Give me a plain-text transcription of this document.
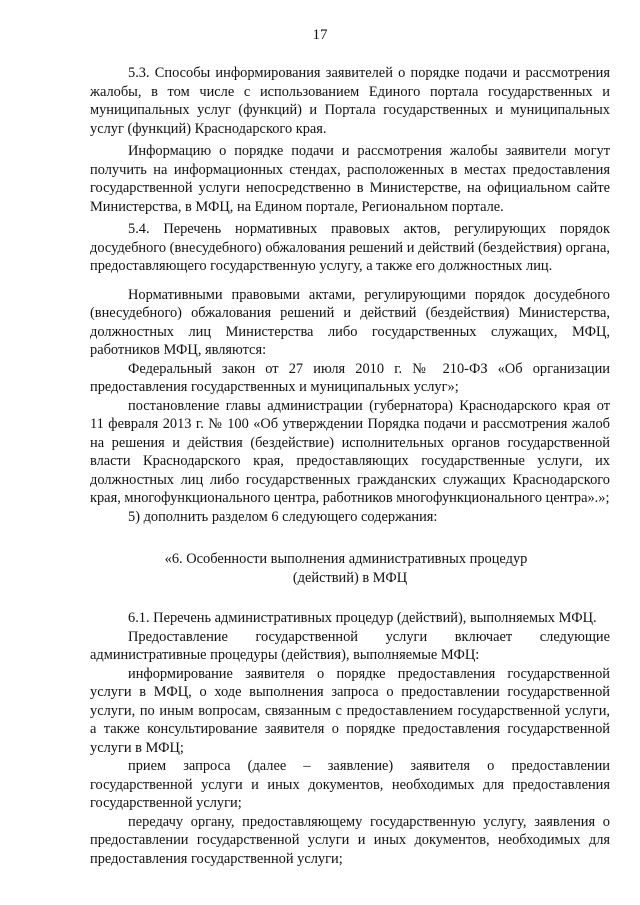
17

5.3. Способы информирования заявителей о порядке подачи и рассмотрения жалобы, в том числе с использованием Единого портала государственных и муниципальных услуг (функций) и Портала государственных и муниципальных услуг (функций) Краснодарского края.

Информацию о порядке подачи и рассмотрения жалобы заявители могут получить на информационных стендах, расположенных в местах предоставления государственной услуги непосредственно в Министерстве, на официальном сайте Министерства, в МФЦ, на Едином портале, Региональном портале.

5.4. Перечень нормативных правовых актов, регулирующих порядок досудебного (внесудебного) обжалования решений и действий (бездействия) органа, предоставляющего государственную услугу, а также его должностных лиц.

Нормативными правовыми актами, регулирующими порядок досудебного (внесудебного) обжалования решений и действий (бездействия) Министерства, должностных лиц Министерства либо государственных служащих, МФЦ, работников МФЦ, являются:

Федеральный закон от 27 июля 2010 г. № 210-ФЗ «Об организации предоставления государственных и муниципальных услуг»;

постановление главы администрации (губернатора) Краснодарского края от 11 февраля 2013 г. № 100 «Об утверждении Порядка подачи и рассмотрения жалоб на решения и действия (бездействие) исполнительных органов государственной власти Краснодарского края, предоставляющих государственные услуги, их должностных лиц либо государственных гражданских служащих Краснодарского края, многофункционального центра, работников многофункционального центра».»;

5) дополнить разделом 6 следующего содержания:

«6. Особенности выполнения административных процедур
(действий) в МФЦ

6.1. Перечень административных процедур (действий), выполняемых МФЦ.

Предоставление государственной услуги включает следующие административные процедуры (действия), выполняемые МФЦ:

информирование заявителя о порядке предоставления государственной услуги в МФЦ, о ходе выполнения запроса о предоставлении государственной услуги, по иным вопросам, связанным с предоставлением государственной услуги, а также консультирование заявителя о порядке предоставления государственной услуги в МФЦ;

прием запроса (далее – заявление) заявителя о предоставлении государственной услуги и иных документов, необходимых для предоставления государственной услуги;

передачу органу, предоставляющему государственную услугу, заявления о предоставлении государственной услуги и иных документов, необходимых для предоставления государственной услуги;
